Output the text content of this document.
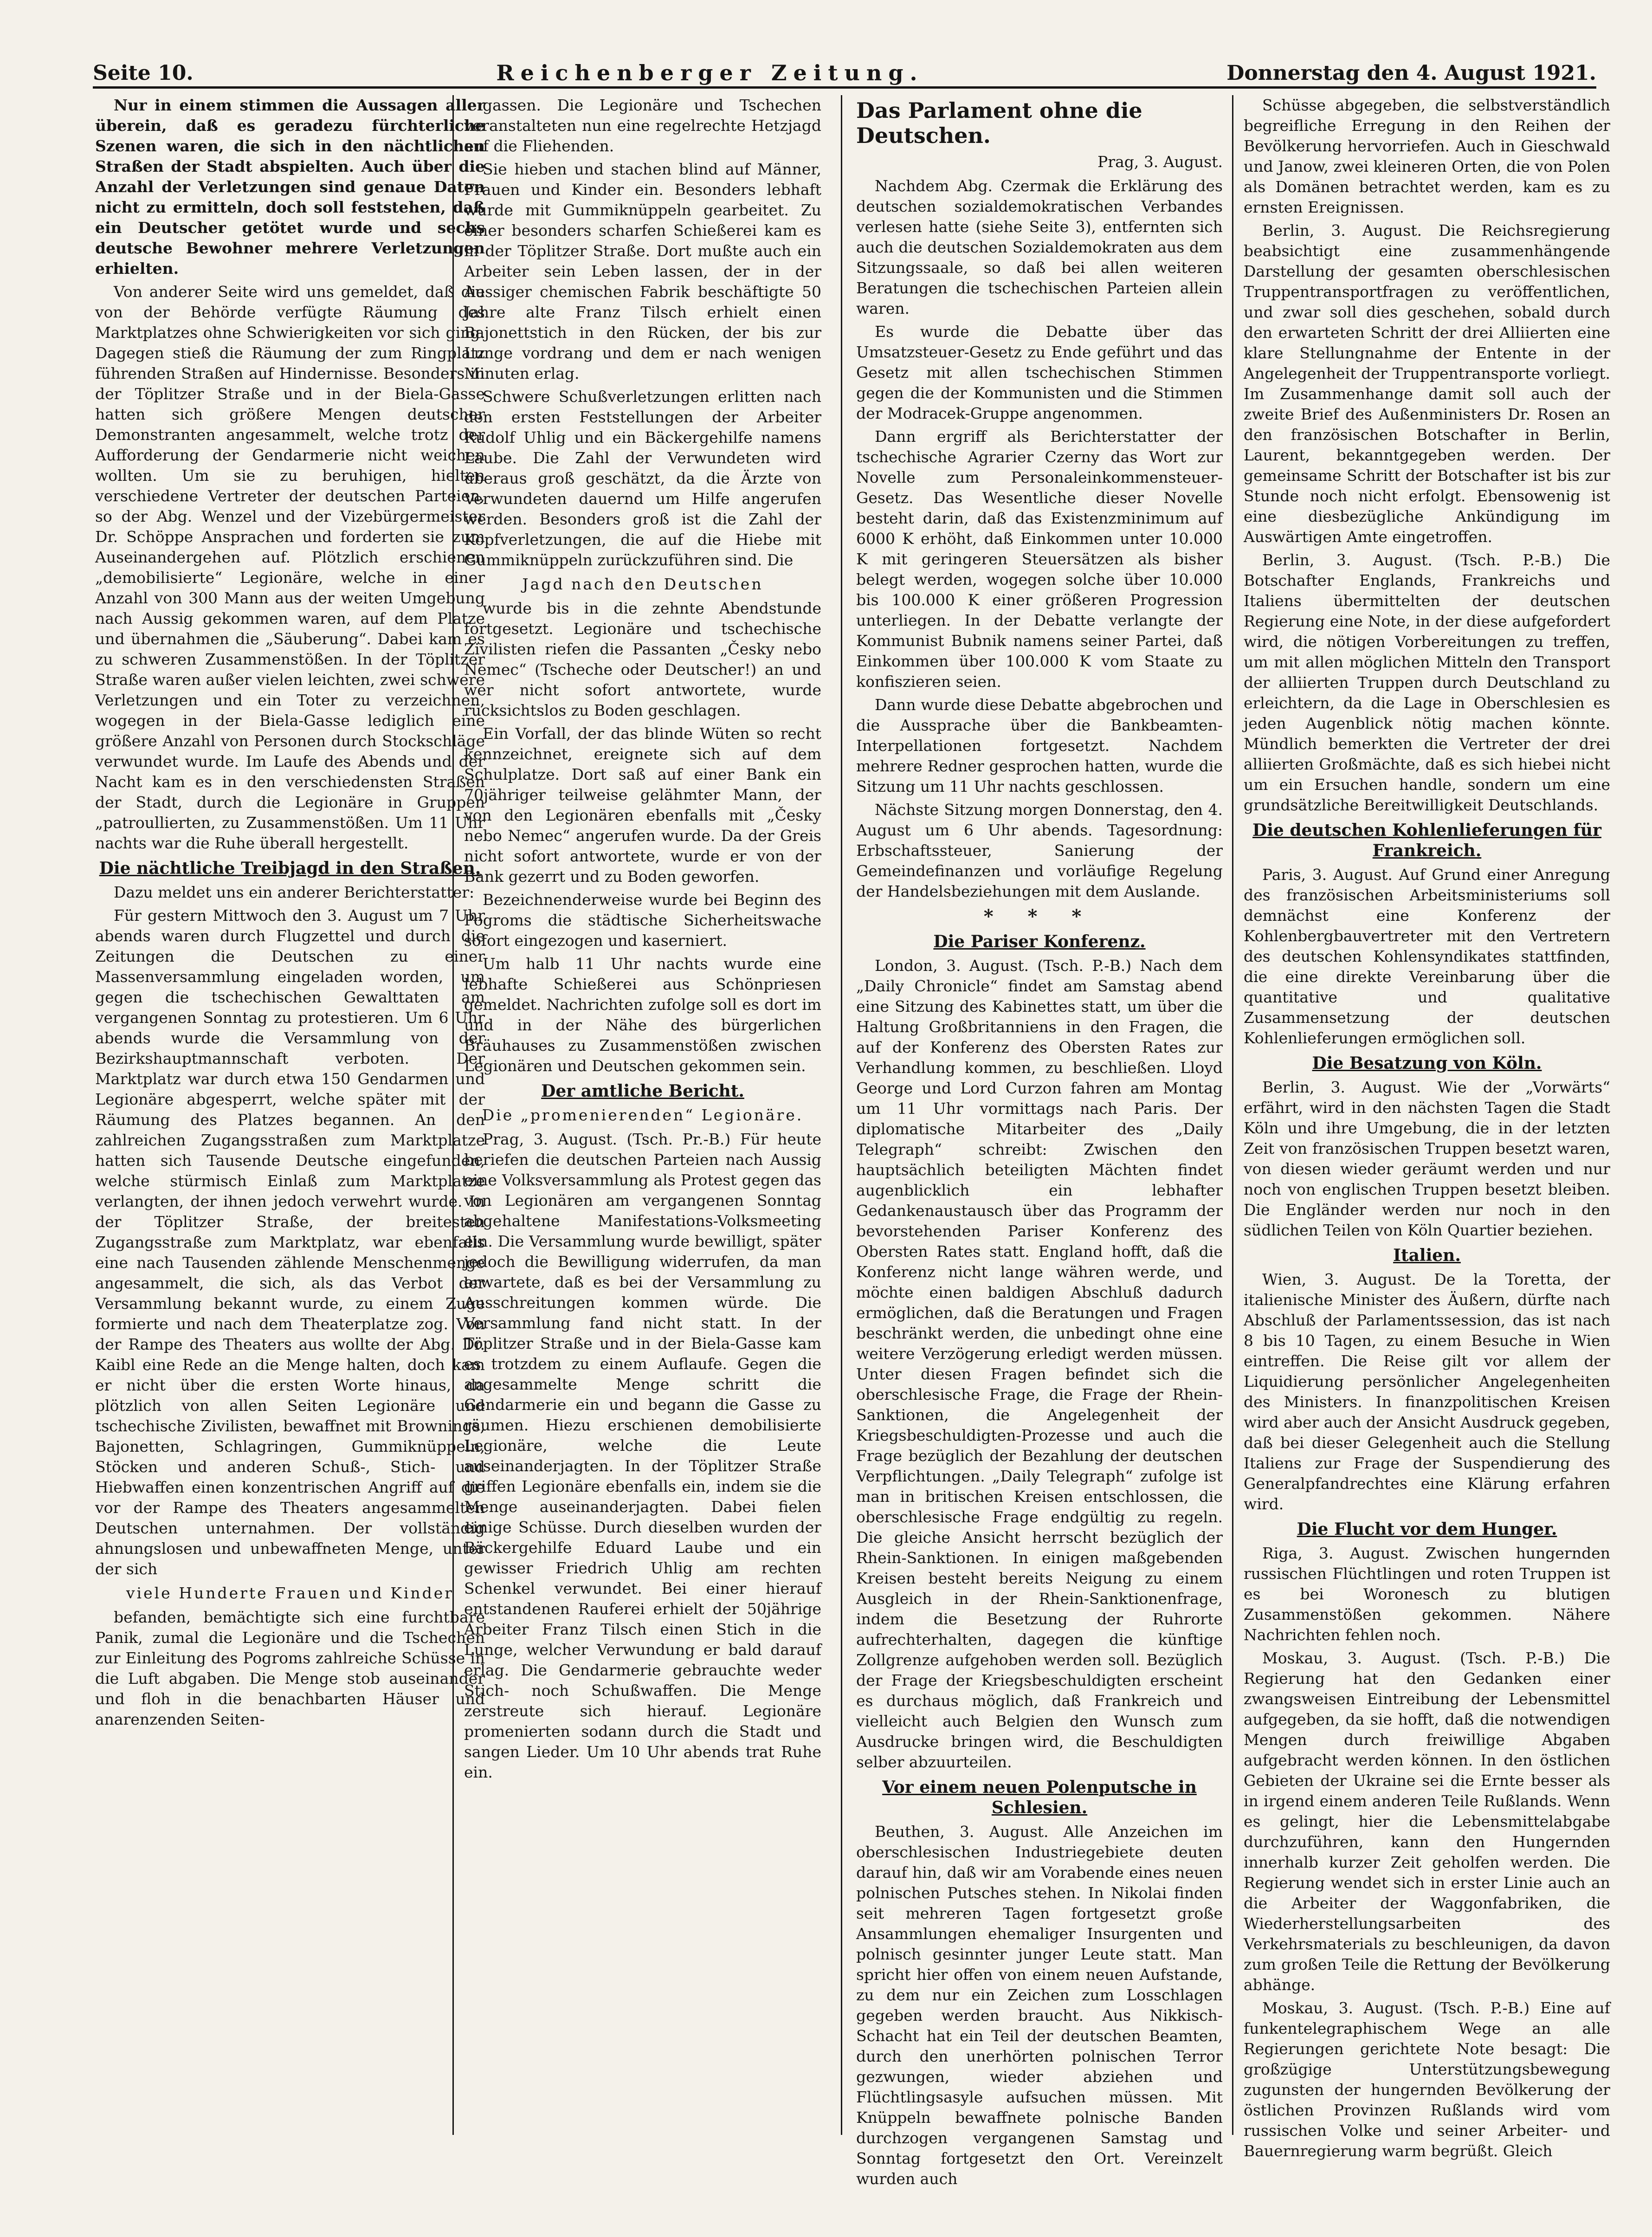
Seite 10.	Reichenberger Zeitung.	Donnerstag den 4. August 1921.

Nur in einem stimmen die Aussagen aller überein, daß es geradezu fürchterliche Szenen waren, die sich in den nächtlichen Straßen der Stadt abspielten. Auch über die Anzahl der Verletzungen sind genaue Daten nicht zu ermitteln, doch soll feststehen, daß ein Deutscher getötet wurde und sechs deutsche Bewohner mehrere Verletzungen erhielten.

Von anderer Seite wird uns gemeldet, daß die von der Behörde verfügte Räumung des Marktplatzes ohne Schwierigkeiten vor sich ging. Dagegen stieß die Räumung der zum Ringplatz führenden Straßen auf Hindernisse. Besonders in der Töplitzer Straße und in der Biela-Gasse hatten sich größere Mengen deutscher Demonstranten angesammelt, welche trotz der Aufforderung der Gendarmerie nicht weichen wollten. Um sie zu beruhigen, hielten verschiedene Vertreter der deutschen Parteien, so der Abg. Wenzel und der Vizebürgermeister Dr. Schöppe Ansprachen und forderten sie zum Auseinandergehen auf. Plötzlich erschienen „demobilisierte“ Legionäre, welche in einer Anzahl von 300 Mann aus der weiten Umgebung nach Aussig gekommen waren, auf dem Platze und übernahmen die „Säuberung“. Dabei kam es zu schweren Zusammenstößen. In der Töplitzer Straße waren außer vielen leichten, zwei schwere Verletzungen und ein Toter zu verzeichnen, wogegen in der Biela-Gasse lediglich eine größere Anzahl von Personen durch Stockschläge verwundet wurde. Im Laufe des Abends und der Nacht kam es in den verschiedensten Straßen der Stadt, durch die Legionäre in Gruppen „patroullierten, zu Zusammenstößen. Um 11 Uhr nachts war die Ruhe überall hergestellt.

Die nächtliche Treibjagd in den Straßen.

Dazu meldet uns ein anderer Berichterstatter:

Für gestern Mittwoch den 3. August um 7 Uhr abends waren durch Flugzettel und durch die Zeitungen die Deutschen zu einer Massenversammlung eingeladen worden, um gegen die tschechischen Gewalttaten am vergangenen Sonntag zu protestieren. Um 6 Uhr abends wurde die Versammlung von der Bezirkshauptmannschaft verboten. Der Marktplatz war durch etwa 150 Gendarmen und Legionäre abgesperrt, welche später mit der Räumung des Platzes begannen. An den zahlreichen Zugangsstraßen zum Marktplatze hatten sich Tausende Deutsche eingefunden, welche stürmisch Einlaß zum Marktplatze verlangten, der ihnen jedoch verwehrt wurde. In der Töplitzer Straße, der breitesten Zugangsstraße zum Marktplatz, war ebenfalls eine nach Tausenden zählende Menschenmenge angesammelt, die sich, als das Verbot der Versammlung bekannt wurde, zu einem Zuge formierte und nach dem Theaterplatze zog. Von der Rampe des Theaters aus wollte der Abg. Dr. Kaibl eine Rede an die Menge halten, doch kam er nicht über die ersten Worte hinaus, da plötzlich von allen Seiten Legionäre und tschechische Zivilisten, bewaffnet mit Brownings, Bajonetten, Schlagringen, Gummiknüppeln, Stöcken und anderen Schuß-, Stich- und Hiebwaffen einen konzentrischen Angriff auf die vor der Rampe des Theaters angesammelten Deutschen unternahmen. Der vollständig ahnungslosen und unbewaffneten Menge, unter der sich

viele Hunderte Frauen und Kinder

befanden, bemächtigte sich eine furchtbare Panik, zumal die Legionäre und die Tschechen zur Einleitung des Pogroms zahlreiche Schüsse in die Luft abgaben. Die Menge stob auseinander und floh in die benachbarten Häuser und anarenzenden Seiten-

gassen. Die Legionäre und Tschechen veranstalteten nun eine regelrechte Hetzjagd auf die Fliehenden.

Sie hieben und stachen blind auf Männer, Frauen und Kinder ein. Besonders lebhaft wurde mit Gummiknüppeln gearbeitet. Zu einer besonders scharfen Schießerei kam es in der Töplitzer Straße. Dort mußte auch ein Arbeiter sein Leben lassen, der in der Aussiger chemischen Fabrik beschäftigte 50 Jahre alte Franz Tilsch erhielt einen Bajonettstich in den Rücken, der bis zur Lunge vordrang und dem er nach wenigen Minuten erlag.

Schwere Schußverletzungen erlitten nach den ersten Feststellungen der Arbeiter Rudolf Uhlig und ein Bäckergehilfe namens Laube. Die Zahl der Verwundeten wird überaus groß geschätzt, da die Ärzte von Verwundeten dauernd um Hilfe angerufen werden. Besonders groß ist die Zahl der Kopfverletzungen, die auf die Hiebe mit Gummiknüppeln zurückzuführen sind. Die

Jagd nach den Deutschen

wurde bis in die zehnte Abendstunde fortgesetzt. Legionäre und tschechische Zivilisten riefen die Passanten „Česky nebo Nemec“ (Tscheche oder Deutscher!) an und wer nicht sofort antwortete, wurde rücksichtslos zu Boden geschlagen.

Ein Vorfall, der das blinde Wüten so recht kennzeichnet, ereignete sich auf dem Schulplatze. Dort saß auf einer Bank ein 70jähriger teilweise gelähmter Mann, der von den Legionären ebenfalls mit „Česky nebo Nemec“ angerufen wurde. Da der Greis nicht sofort antwortete, wurde er von der Bank gezerrt und zu Boden geworfen.

Bezeichnenderweise wurde bei Beginn des Pogroms die städtische Sicherheitswache sofort eingezogen und kaserniert.

Um halb 11 Uhr nachts wurde eine lebhafte Schießerei aus Schönpriesen gemeldet. Nachrichten zufolge soll es dort im und in der Nähe des bürgerlichen Bräuhauses zu Zusammenstößen zwischen Legionären und Deutschen gekommen sein.

Der amtliche Bericht.
Die „promenierenden“ Legionäre.

Prag, 3. August. (Tsch. Pr.-B.) Für heute beriefen die deutschen Parteien nach Aussig eine Volksversammlung als Protest gegen das von Legionären am vergangenen Sonntag abgehaltene Manifestations-Volksmeeting ein. Die Versammlung wurde bewilligt, später jedoch die Bewilligung widerrufen, da man erwartete, daß es bei der Versammlung zu Ausschreitungen kommen würde. Die Versammlung fand nicht statt. In der Töplitzer Straße und in der Biela-Gasse kam es trotzdem zu einem Auflaufe. Gegen die angesammelte Menge schritt die Gendarmerie ein und begann die Gasse zu räumen. Hiezu erschienen demobilisierte Legionäre, welche die Leute auseinanderjagten. In der Töplitzer Straße griffen Legionäre ebenfalls ein, indem sie die Menge auseinanderjagten. Dabei fielen einige Schüsse. Durch dieselben wurden der Bäckergehilfe Eduard Laube und ein gewisser Friedrich Uhlig am rechten Schenkel verwundet. Bei einer hierauf entstandenen Rauferei erhielt der 50jährige Arbeiter Franz Tilsch einen Stich in die Lunge, welcher Verwundung er bald darauf erlag. Die Gendarmerie gebrauchte weder Stich- noch Schußwaffen. Die Menge zerstreute sich hierauf. Legionäre promenierten sodann durch die Stadt und sangen Lieder. Um 10 Uhr abends trat Ruhe ein.

Das Parlament ohne die Deutschen.
Prag, 3. August.

Nachdem Abg. Czermak die Erklärung des deutschen sozialdemokratischen Verbandes verlesen hatte (siehe Seite 3), entfernten sich auch die deutschen Sozialdemokraten aus dem Sitzungssaale, so daß bei allen weiteren Beratungen die tschechischen Parteien allein waren.

Es wurde die Debatte über das Umsatzsteuer-Gesetz zu Ende geführt und das Gesetz mit allen tschechischen Stimmen gegen die der Kommunisten und die Stimmen der Modracek-Gruppe angenommen.

Dann ergriff als Berichterstatter der tschechische Agrarier Czerny das Wort zur Novelle zum Personaleinkommensteuer-Gesetz. Das Wesentliche dieser Novelle besteht darin, daß das Existenzminimum auf 6000 K erhöht, daß Einkommen unter 10.000 K mit geringeren Steuersätzen als bisher belegt werden, wogegen solche über 10.000 bis 100.000 K einer größeren Progression unterliegen. In der Debatte verlangte der Kommunist Bubnik namens seiner Partei, daß Einkommen über 100.000 K vom Staate zu konfiszieren seien.

Dann wurde diese Debatte abgebrochen und die Aussprache über die Bankbeamten-Interpellationen fortgesetzt. Nachdem mehrere Redner gesprochen hatten, wurde die Sitzung um 11 Uhr nachts geschlossen.

Nächste Sitzung morgen Donnerstag, den 4. August um 6 Uhr abends. Tagesordnung: Erbschaftssteuer, Sanierung der Gemeindefinanzen und vorläufige Regelung der Handelsbeziehungen mit dem Auslande.

* * *
Die Pariser Konferenz.

London, 3. August. (Tsch. P.-B.) Nach dem „Daily Chronicle“ findet am Samstag abend eine Sitzung des Kabinettes statt, um über die Haltung Großbritanniens in den Fragen, die auf der Konferenz des Obersten Rates zur Verhandlung kommen, zu beschließen. Lloyd George und Lord Curzon fahren am Montag um 11 Uhr vormittags nach Paris. Der diplomatische Mitarbeiter des „Daily Telegraph“ schreibt: Zwischen den hauptsächlich beteiligten Mächten findet augenblicklich ein lebhafter Gedankenaustausch über das Programm der bevorstehenden Pariser Konferenz des Obersten Rates statt. England hofft, daß die Konferenz nicht lange währen werde, und möchte einen baldigen Abschluß dadurch ermöglichen, daß die Beratungen und Fragen beschränkt werden, die unbedingt ohne eine weitere Verzögerung erledigt werden müssen. Unter diesen Fragen befindet sich die oberschlesische Frage, die Frage der Rhein-Sanktionen, die Angelegenheit der Kriegsbeschuldigten-Prozesse und auch die Frage bezüglich der Bezahlung der deutschen Verpflichtungen. „Daily Telegraph“ zufolge ist man in britischen Kreisen entschlossen, die oberschlesische Frage endgültig zu regeln. Die gleiche Ansicht herrscht bezüglich der Rhein-Sanktionen. In einigen maßgebenden Kreisen besteht bereits Neigung zu einem Ausgleich in der Rhein-Sanktionenfrage, indem die Besetzung der Ruhrorte aufrechterhalten, dagegen die künftige Zollgrenze aufgehoben werden soll. Bezüglich der Frage der Kriegsbeschuldigten erscheint es durchaus möglich, daß Frankreich und vielleicht auch Belgien den Wunsch zum Ausdrucke bringen wird, die Beschuldigten selber abzuurteilen.

Vor einem neuen Polenputsche in Schlesien.

Beuthen, 3. August. Alle Anzeichen im oberschlesischen Industriegebiete deuten darauf hin, daß wir am Vorabende eines neuen polnischen Putsches stehen. In Nikolai finden seit mehreren Tagen fortgesetzt große Ansammlungen ehemaliger Insurgenten und polnisch gesinnter junger Leute statt. Man spricht hier offen von einem neuen Aufstande, zu dem nur ein Zeichen zum Losschlagen gegeben werden braucht. Aus Nikkisch-Schacht hat ein Teil der deutschen Beamten, durch den unerhörten polnischen Terror gezwungen, wieder abziehen und Flüchtlingsasyle aufsuchen müssen. Mit Knüppeln bewaffnete polnische Banden durchzogen vergangenen Samstag und Sonntag fortgesetzt den Ort. Vereinzelt wurden auch

Schüsse abgegeben, die selbstverständlich begreifliche Erregung in den Reihen der Bevölkerung hervorriefen. Auch in Gieschwald und Janow, zwei kleineren Orten, die von Polen als Domänen betrachtet werden, kam es zu ernsten Ereignissen.

Berlin, 3. August. Die Reichsregierung beabsichtigt eine zusammenhängende Darstellung der gesamten oberschlesischen Truppentransportfragen zu veröffentlichen, und zwar soll dies geschehen, sobald durch den erwarteten Schritt der drei Alliierten eine klare Stellungnahme der Entente in der Angelegenheit der Truppentransporte vorliegt. Im Zusammenhange damit soll auch der zweite Brief des Außenministers Dr. Rosen an den französischen Botschafter in Berlin, Laurent, bekanntgegeben werden. Der gemeinsame Schritt der Botschafter ist bis zur Stunde noch nicht erfolgt. Ebensowenig ist eine diesbezügliche Ankündigung im Auswärtigen Amte eingetroffen.

Berlin, 3. August. (Tsch. P.-B.) Die Botschafter Englands, Frankreichs und Italiens übermittelten der deutschen Regierung eine Note, in der diese aufgefordert wird, die nötigen Vorbereitungen zu treffen, um mit allen möglichen Mitteln den Transport der alliierten Truppen durch Deutschland zu erleichtern, da die Lage in Oberschlesien es jeden Augenblick nötig machen könnte. Mündlich bemerkten die Vertreter der drei alliierten Großmächte, daß es sich hiebei nicht um ein Ersuchen handle, sondern um eine grundsätzliche Bereitwilligkeit Deutschlands.

Die deutschen Kohlenlieferungen für Frankreich.

Paris, 3. August. Auf Grund einer Anregung des französischen Arbeitsministeriums soll demnächst eine Konferenz der Kohlenbergbauvertreter mit den Vertretern des deutschen Kohlensyndikates stattfinden, die eine direkte Vereinbarung über die quantitative und qualitative Zusammensetzung der deutschen Kohlenlieferungen ermöglichen soll.

Die Besatzung von Köln.

Berlin, 3. August. Wie der „Vorwärts“ erfährt, wird in den nächsten Tagen die Stadt Köln und ihre Umgebung, die in der letzten Zeit von französischen Truppen besetzt waren, von diesen wieder geräumt werden und nur noch von englischen Truppen besetzt bleiben. Die Engländer werden nur noch in den südlichen Teilen von Köln Quartier beziehen.

Italien.

Wien, 3. August. De la Toretta, der italienische Minister des Äußern, dürfte nach Abschluß der Parlamentssession, das ist nach 8 bis 10 Tagen, zu einem Besuche in Wien eintreffen. Die Reise gilt vor allem der Liquidierung persönlicher Angelegenheiten des Ministers. In finanzpolitischen Kreisen wird aber auch der Ansicht Ausdruck gegeben, daß bei dieser Gelegenheit auch die Stellung Italiens zur Frage der Suspendierung des Generalpfandrechtes eine Klärung erfahren wird.

Die Flucht vor dem Hunger.

Riga, 3. August. Zwischen hungernden russischen Flüchtlingen und roten Truppen ist es bei Woronesch zu blutigen Zusammenstößen gekommen. Nähere Nachrichten fehlen noch.

Moskau, 3. August. (Tsch. P.-B.) Die Regierung hat den Gedanken einer zwangsweisen Eintreibung der Lebensmittel aufgegeben, da sie hofft, daß die notwendigen Mengen durch freiwillige Abgaben aufgebracht werden können. In den östlichen Gebieten der Ukraine sei die Ernte besser als in irgend einem anderen Teile Rußlands. Wenn es gelingt, hier die Lebensmittelabgabe durchzuführen, kann den Hungernden innerhalb kurzer Zeit geholfen werden. Die Regierung wendet sich in erster Linie auch an die Arbeiter der Waggonfabriken, die Wiederherstellungsarbeiten des Verkehrsmaterials zu beschleunigen, da davon zum großen Teile die Rettung der Bevölkerung abhänge.

Moskau, 3. August. (Tsch. P.-B.) Eine auf funkentelegraphischem Wege an alle Regierungen gerichtete Note besagt: Die großzügige Unterstützungsbewegung zugunsten der hungernden Bevölkerung der östlichen Provinzen Rußlands wird vom russischen Volke und seiner Arbeiter- und Bauernregierung warm begrüßt. Gleich
